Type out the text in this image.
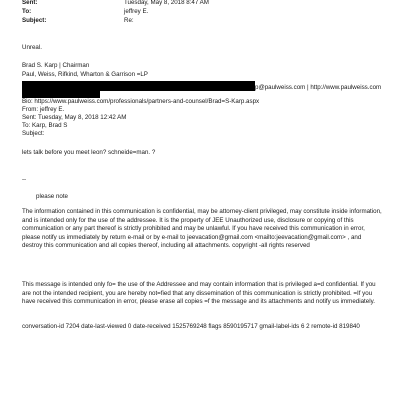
Sent:	Tuesday, May 8, 2018 8:47 AM
To:	jeffrey E.
Subject:	Re:
Unreal.
Brad S. Karp | Chairman
Paul, Weiss, Rifkind, Wharton & Garrison =LP
p@paulweiss.com | http://www.paulweiss.com
Bio: https://www.paulweiss.com/professionals/partners-and-counsel/Brad=S-Karp.aspx
From: jeffrey E.
Sent: Tuesday, May 8, 2018 12:42 AM
To: Karp, Brad S
Subject:
lets talk before you meet leon? schneide=man. ?
--
please note
The information contained in this communication is confidential, may be attorney-client privileged, may constitute inside information, and is intended only for the use of the addressee. It is the property of JEE Unauthorized use, disclosure or copying of this communication or any part thereof is strictly prohibited and may be unlawful. If you have received this communication in error, please notify us immediately by return e-mail or by e-mail to jeevacation@gmail.com <mailto:jeevacation@gmail.com> , and destroy this communication and all copies thereof, including all attachments. copyright -all rights reserved
This message is intended only fo= the use of the Addressee and may contain information that is privileged a=d confidential. If you are not the intended recipient, you are hereby not=fied that any dissemination of this communication is strictly prohibited. =If you have received this communication in error, please erase all copies =f the message and its attachments and notify us immediately.
conversation-id 7204 date-last-viewed 0 date-received 1525769248 flags 8590195717 gmail-label-ids 6 2 remote-id 819840
